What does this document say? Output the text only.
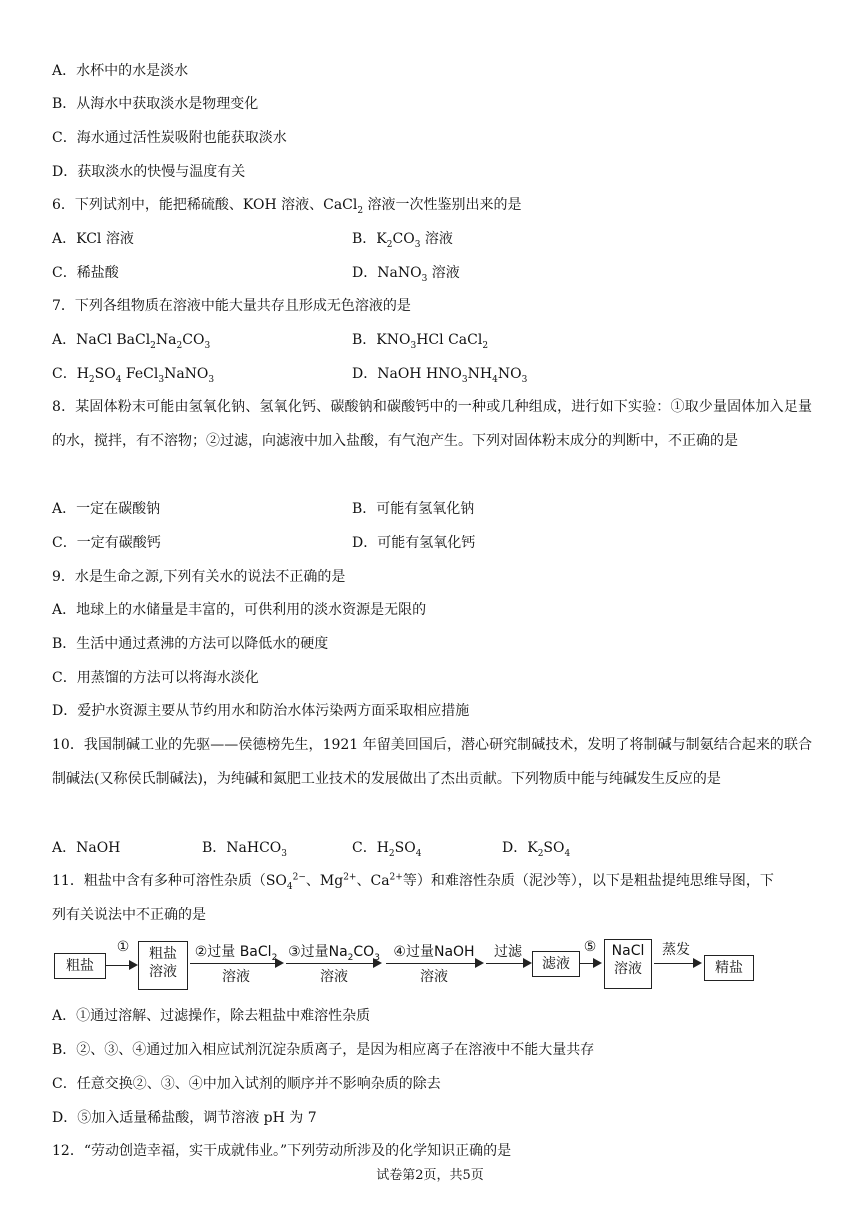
A．水杯中的水是淡水
B．从海水中获取淡水是物理变化
C．海水通过活性炭吸附也能获取淡水
D．获取淡水的快慢与温度有关
6．下列试剂中，能把稀硫酸、KOH 溶液、CaCl$_2$ 溶液一次性鉴别出来的是
A．KCl 溶液	B．$K_2CO_3$ 溶液
C．稀盐酸	D．NaNO$_3$ 溶液
7．下列各组物质在溶液中能大量共存且形成无色溶液的是
A．NaCl $BaCl_2Na_2CO_3$	B．$KNO_3HCl$ CaCl$_2$
C．$H_2SO_4$ FeCl$_3$NaNO$_3$	D．NaOH $HNO_3NH_4NO_3$
8．某固体粉末可能由氢氧化钠、氢氧化钙、碳酸钠和碳酸钙中的一种或几种组成，进行如下实验：①取少量固体加入足量的水，搅拌，有不溶物；②过滤，向滤液中加入盐酸，有气泡产生。下列对固体粉末成分的判断中，不正确的是
A．一定在碳酸钠	B．可能有氢氧化钠
C．一定有碳酸钙	D．可能有氢氧化钙
9．水是生命之源,下列有关水的说法不正确的是
A．地球上的水储量是丰富的，可供利用的淡水资源是无限的
B．生活中通过煮沸的方法可以降低水的硬度
C．用蒸馏的方法可以将海水淡化
D．爱护水资源主要从节约用水和防治水体污染两方面采取相应措施
10．我国制碱工业的先驱——侯德榜先生，1921 年留美回国后，潜心研究制碱技术，发明了将制碱与制氨结合起来的联合制碱法(又称侯氏制碱法)，为纯碱和氮肥工业技术的发展做出了杰出贡献。下列物质中能与纯碱发生反应的是
A．NaOH	B．NaHCO$_3$	C．$H_2SO_4$	D．$K_2SO_4$
11．粗盐中含有多种可溶性杂质（$SO_4^{2-}$、$Mg^{2+}$、$Ca^{2+}$等）和难溶性杂质（泥沙等），以下是粗盐提纯思维导图，下
列有关说法中不正确的是
粗盐
①	粗盐
溶液
②过量 BaCl$_2$
溶液
③过量$Na_2CO_3$
溶液
④过量NaOH
溶液
过滤
滤液
⑤	NaCl
溶液
蒸发
精盐
A．①通过溶解、过滤操作，除去粗盐中难溶性杂质
B．②、③、④通过加入相应试剂沉淀杂质离子，是因为相应离子在溶液中不能大量共存
C．任意交换②、③、④中加入试剂的顺序并不影响杂质的除去
D．⑤加入适量稀盐酸，调节溶液 pH 为 7
12．“劳动创造幸福，实干成就伟业。”下列劳动所涉及的化学知识正确的是
试卷第2页，共5页
